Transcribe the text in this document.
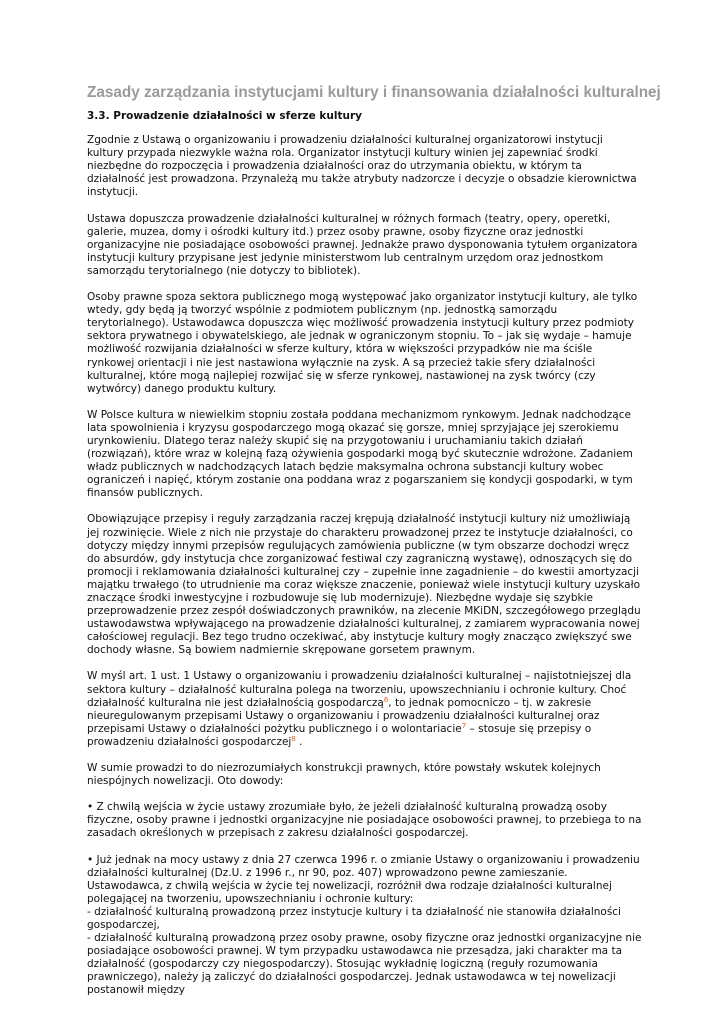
Zasady zarządzania instytucjami kultury i finansowania działalności kulturalnej
3.3. Prowadzenie działalności w sferze kultury

Zgodnie z Ustawą o organizowaniu i prowadzeniu działalności kulturalnej organizatorowi instytucji kultury przypada niezwykle ważna rola. Organizator instytucji kultury winien jej zapewniać środki niezbędne do rozpoczęcia i prowadzenia działalności oraz do utrzymania obiektu, w którym ta działalność jest prowadzona. Przynależą mu także atrybuty nadzorcze i decyzje o obsadzie kierownictwa instytucji.

Ustawa dopuszcza prowadzenie działalności kulturalnej w różnych formach (teatry, opery, operetki, galerie, muzea, domy i ośrodki kultury itd.) przez osoby prawne, osoby fizyczne oraz jednostki organizacyjne nie posiadające osobowości prawnej. Jednakże prawo dysponowania tytułem organizatora instytucji kultury przypisane jest jedynie ministerstwom lub centralnym urzędom oraz jednostkom samorządu terytorialnego (nie dotyczy to bibliotek).

Osoby prawne spoza sektora publicznego mogą występować jako organizator instytucji kultury, ale tylko wtedy, gdy będą ją tworzyć wspólnie z podmiotem publicznym (np. jednostką samorządu terytorialnego). Ustawodawca dopuszcza więc możliwość prowadzenia instytucji kultury przez podmioty sektora prywatnego i obywatelskiego, ale jednak w ograniczonym stopniu. To – jak się wydaje – hamuje możliwość rozwijania działalności w sferze kultury, która w większości przypadków nie ma ściśle rynkowej orientacji i nie jest nastawiona wyłącznie na zysk. A są przecież takie sfery działalności kulturalnej, które mogą najlepiej rozwijać się w sferze rynkowej, nastawionej na zysk twórcy (czy wytwórcy) danego produktu kultury.

W Polsce kultura w niewielkim stopniu została poddana mechanizmom rynkowym. Jednak nadchodzące lata spowolnienia i kryzysu gospodarczego mogą okazać się gorsze, mniej sprzyjające jej szerokiemu urynkowieniu. Dlatego teraz należy skupić się na przygotowaniu i uruchamianiu takich działań (rozwiązań), które wraz w kolejną fazą ożywienia gospodarki mogą być skutecznie wdrożone. Zadaniem władz publicznych w nadchodzących latach będzie maksymalna ochrona substancji kultury wobec ograniczeń i napięć, którym zostanie ona poddana wraz z pogarszaniem się kondycji gospodarki, w tym finansów publicznych.

Obowiązujące przepisy i reguły zarządzania raczej krępują działalność instytucji kultury niż umożliwiają jej rozwinięcie. Wiele z nich nie przystaje do charakteru prowadzonej przez te instytucje działalności, co dotyczy między innymi przepisów regulujących zamówienia publiczne (w tym obszarze dochodzi wręcz do absurdów, gdy instytucja chce zorganizować festiwal czy zagraniczną wystawę), odnoszących się do promocji i reklamowania działalności kulturalnej czy – zupełnie inne zagadnienie – do kwestii amortyzacji majątku trwałego (to utrudnienie ma coraz większe znaczenie, ponieważ wiele instytucji kultury uzyskało znaczące środki inwestycyjne i rozbudowuje się lub modernizuje). Niezbędne wydaje się szybkie przeprowadzenie przez zespół doświadczonych prawników, na zlecenie MKiDN, szczegółowego przeglądu ustawodawstwa wpływającego na prowadzenie działalności kulturalnej, z zamiarem wypracowania nowej całościowej regulacji. Bez tego trudno oczekiwać, aby instytucje kultury mogły znacząco zwiększyć swe dochody własne. Są bowiem nadmiernie skrępowane gorsetem prawnym.

W myśl art. 1 ust. 1 Ustawy o organizowaniu i prowadzeniu działalności kulturalnej – najistotniejszej dla sektora kultury – działalność kulturalna polega na tworzeniu, upowszechnianiu i ochronie kultury. Choć działalność kulturalna nie jest działalnością gospodarczą$^6$, to jednak pomocniczo – tj. w zakresie nieuregulowanym przepisami Ustawy o organizowaniu i prowadzeniu działalności kulturalnej oraz przepisami Ustawy o działalności pożytku publicznego i o wolontariacie$^7$ – stosuje się przepisy o prowadzeniu działalności gospodarczej$^8$ .

W sumie prowadzi to do niezrozumiałych konstrukcji prawnych, które powstały wskutek kolejnych niespójnych nowelizacji. Oto dowody:

• Z chwilą wejścia w życie ustawy zrozumiałe było, że jeżeli działalność kulturalną prowadzą osoby fizyczne, osoby prawne i jednostki organizacyjne nie posiadające osobowości prawnej, to przebiega to na zasadach określonych w przepisach z zakresu działalności gospodarczej.

• Już jednak na mocy ustawy z dnia 27 czerwca 1996 r. o zmianie Ustawy o organizowaniu i prowadzeniu działalności kulturalnej (Dz.U. z 1996 r., nr 90, poz. 407) wprowadzono pewne zamieszanie. Ustawodawca, z chwilą wejścia w życie tej nowelizacji, rozróżnił dwa rodzaje działalności kulturalnej polegającej na tworzeniu, upowszechnianiu i ochronie kultury:
- działalność kulturalną prowadzoną przez instytucje kultury i ta działalność nie stanowiła działalności gospodarczej,
- działalność kulturalną prowadzoną przez osoby prawne, osoby fizyczne oraz jednostki organizacyjne nie posiadające osobowości prawnej. W tym przypadku ustawodawca nie przesądza, jaki charakter ma ta działalność (gospodarczy czy niegospodarczy). Stosując wykładnię logiczną (reguły rozumowania prawniczego), należy ją zaliczyć do działalności gospodarczej. Jednak ustawodawca w tej nowelizacji postanowił między
